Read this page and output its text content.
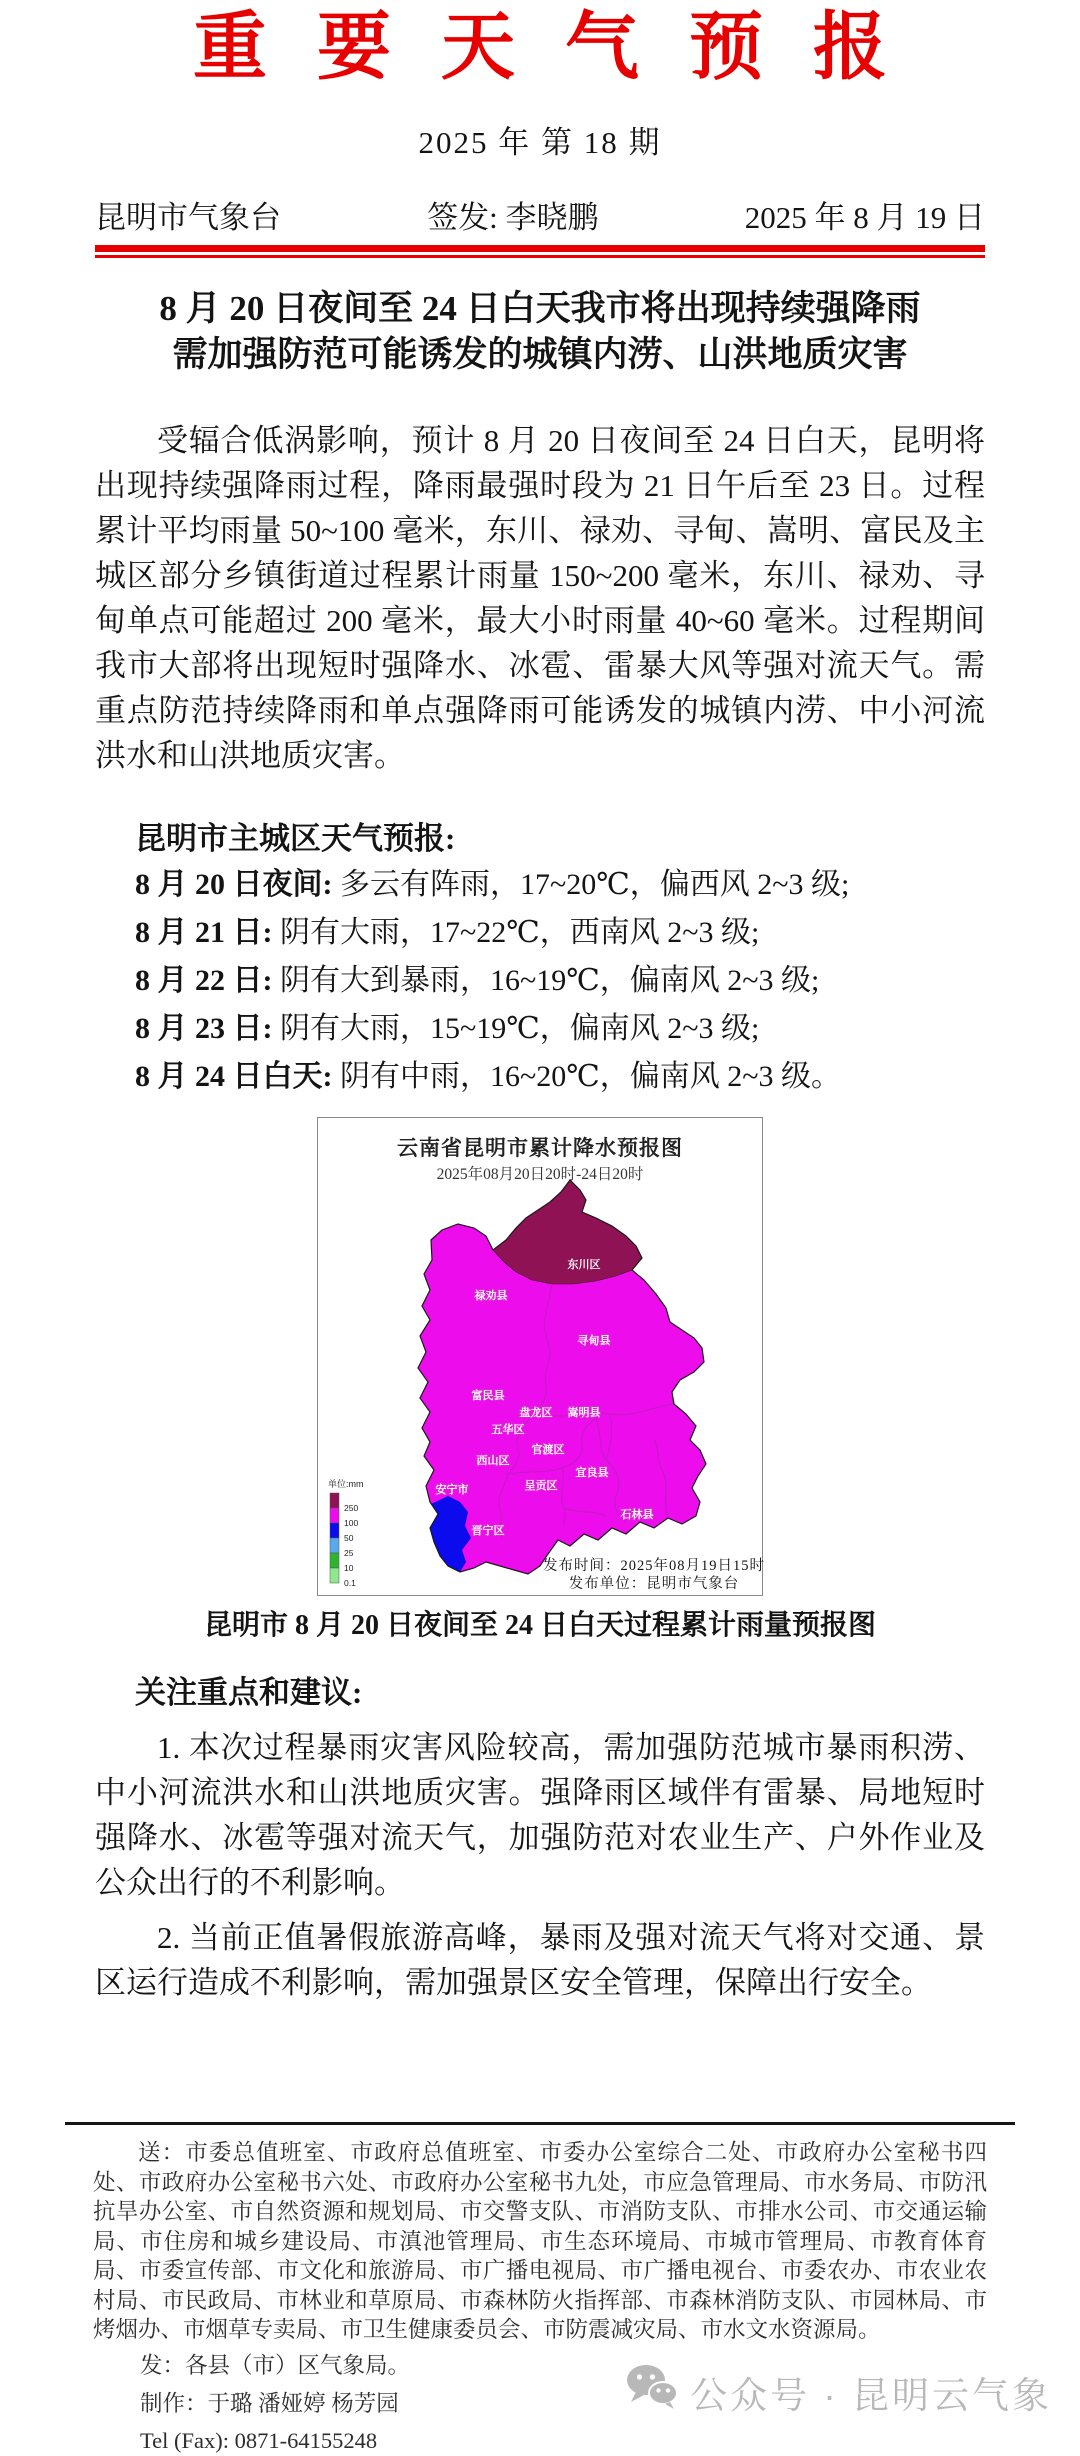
重要天气预报
2025 年 第 18 期
昆明市气象台	签发: 李晓鹏	2025 年 8 月 19 日
8 月 20 日夜间至 24 日白天我市将出现持续强降雨
需加强防范可能诱发的城镇内涝、山洪地质灾害

受辐合低涡影响，预计 8 月 20 日夜间至 24 日白天，昆明将出现持续强降雨过程，降雨最强时段为 21 日午后至 23 日。过程累计平均雨量 50~100 毫米，东川、禄劝、寻甸、嵩明、富民及主城区部分乡镇街道过程累计雨量 150~200 毫米，东川、禄劝、寻甸单点可能超过 200 毫米，最大小时雨量 40~60 毫米。过程期间我市大部将出现短时强降水、冰雹、雷暴大风等强对流天气。需重点防范持续降雨和单点强降雨可能诱发的城镇内涝、中小河流洪水和山洪地质灾害。

昆明市主城区天气预报:
8 月 20 日夜间: 多云有阵雨，17~20℃，偏西风 2~3 级;
8 月 21 日: 阴有大雨，17~22℃，西南风 2~3 级;
8 月 22 日: 阴有大到暴雨，16~19℃，偏南风 2~3 级;
8 月 23 日: 阴有大雨，15~19℃，偏南风 2~3 级;
8 月 24 日白天: 阴有中雨，16~20℃，偏南风 2~3 级。
东川区
禄劝县
寻甸县
富民县
盘龙区 嵩明县
五华区
官渡区
西山区
宜良县
呈贡区
安宁市
石林县
晋宁区
单位:mm
250
100
50
25
10
0.1
发布时间：2025年08月19日15时
发布单位：昆明市气象台
云南省昆明市累计降水预报图
2025年08月20日20时-24日20时
昆明市 8 月 20 日夜间至 24 日白天过程累计雨量预报图
关注重点和建议:

1. 本次过程暴雨灾害风险较高，需加强防范城市暴雨积涝、中小河流洪水和山洪地质灾害。强降雨区域伴有雷暴、局地短时强降水、冰雹等强对流天气，加强防范对农业生产、户外作业及公众出行的不利影响。

2. 当前正值暑假旅游高峰，暴雨及强对流天气将对交通、景区运行造成不利影响，需加强景区安全管理，保障出行安全。

送：市委总值班室、市政府总值班室、市委办公室综合二处、市政府办公室秘书四处、市政府办公室秘书六处、市政府办公室秘书九处，市应急管理局、市水务局、市防汛抗旱办公室、市自然资源和规划局、市交警支队、市消防支队、市排水公司、市交通运输局、市住房和城乡建设局、市滇池管理局、市生态环境局、市城市管理局、市教育体育局、市委宣传部、市文化和旅游局、市广播电视局、市广播电视台、市委农办、市农业农村局、市民政局、市林业和草原局、市森林防火指挥部、市森林消防支队、市园林局、市烤烟办、市烟草专卖局、市卫生健康委员会、市防震减灾局、市水文水资源局。

发：各县（市）区气象局。
制作：于璐 潘娅婷 杨芳园
Tel (Fax): 0871-64155248
公众号 · 昆明云气象
